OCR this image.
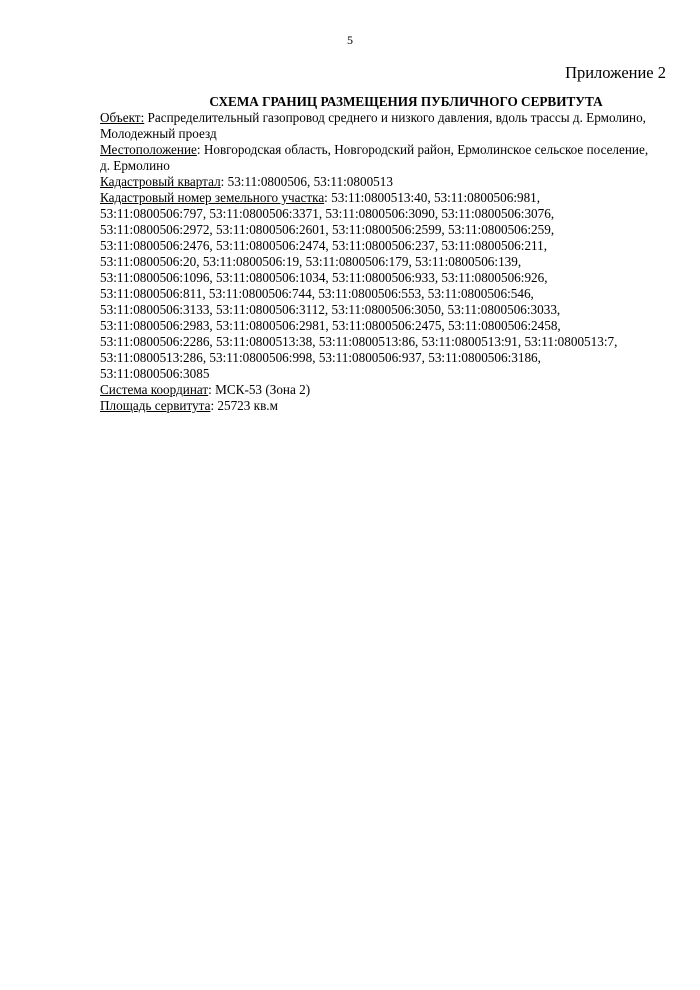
5
Приложение 2

СХЕМА ГРАНИЦ РАЗМЕЩЕНИЯ ПУБЛИЧНОГО СЕРВИТУТА

Объект: Распределительный газопровод среднего и низкого давления, вдоль трассы д. Ермолино, Молодежный проезд

Местоположение: Новгородская область, Новгородский район, Ермолинское сельское поселение, д. Ермолино

Кадастровый квартал: 53:11:0800506, 53:11:0800513

Кадастровый номер земельного участка: 53:11:0800513:40, 53:11:0800506:981,
53:11:0800506:797, 53:11:0800506:3371, 53:11:0800506:3090, 53:11:0800506:3076,
53:11:0800506:2972, 53:11:0800506:2601, 53:11:0800506:2599, 53:11:0800506:259,
53:11:0800506:2476, 53:11:0800506:2474, 53:11:0800506:237, 53:11:0800506:211,
53:11:0800506:20, 53:11:0800506:19, 53:11:0800506:179, 53:11:0800506:139,
53:11:0800506:1096, 53:11:0800506:1034, 53:11:0800506:933, 53:11:0800506:926,
53:11:0800506:811, 53:11:0800506:744, 53:11:0800506:553, 53:11:0800506:546,
53:11:0800506:3133, 53:11:0800506:3112, 53:11:0800506:3050, 53:11:0800506:3033,
53:11:0800506:2983, 53:11:0800506:2981, 53:11:0800506:2475, 53:11:0800506:2458,
53:11:0800506:2286, 53:11:0800513:38, 53:11:0800513:86, 53:11:0800513:91, 53:11:0800513:7,
53:11:0800513:286, 53:11:0800506:998, 53:11:0800506:937, 53:11:0800506:3186,
53:11:0800506:3085

Система координат: МСК-53 (Зона 2)

Площадь сервитута: 25723 кв.м
